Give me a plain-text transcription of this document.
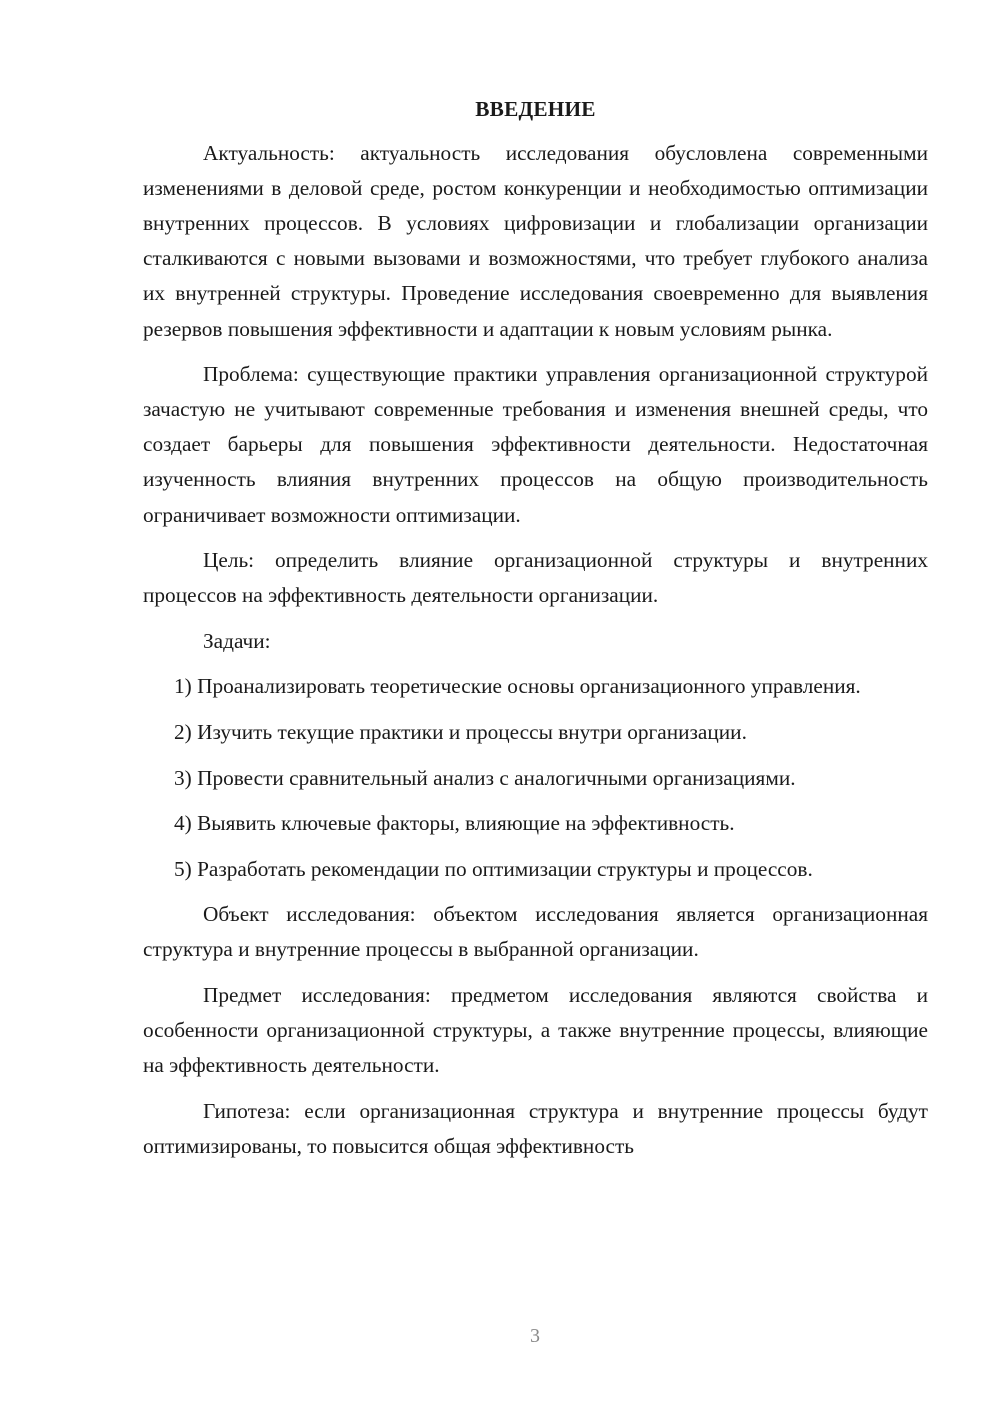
ВВЕДЕНИЕ

Актуальность: актуальность исследования обусловлена современными изменениями в деловой среде, ростом конкуренции и необходимостью оптимизации внутренних процессов. В условиях цифровизации и глобализации организации сталкиваются с новыми вызовами и возможностями, что требует глубокого анализа их внутренней структуры. Проведение исследования своевременно для выявления резервов повышения эффективности и адаптации к новым условиям рынка.

Проблема: существующие практики управления организационной структурой зачастую не учитывают современные требования и изменения внешней среды, что создает барьеры для повышения эффективности деятельности. Недостаточная изученность влияния внутренних процессов на общую производительность ограничивает возможности оптимизации.

Цель: определить влияние организационной структуры и внутренних процессов на эффективность деятельности организации.

Задачи:

1) Проанализировать теоретические основы организационного управления.

2) Изучить текущие практики и процессы внутри организации.

3) Провести сравнительный анализ с аналогичными организациями.

4) Выявить ключевые факторы, влияющие на эффективность.

5) Разработать рекомендации по оптимизации структуры и процессов.

Объект исследования: объектом исследования является организационная структура и внутренние процессы в выбранной организации.

Предмет исследования: предметом исследования являются свойства и особенности организационной структуры, а также внутренние процессы, влияющие на эффективность деятельности.

Гипотеза: если организационная структура и внутренние процессы будут оптимизированы, то повысится общая эффективность

3
